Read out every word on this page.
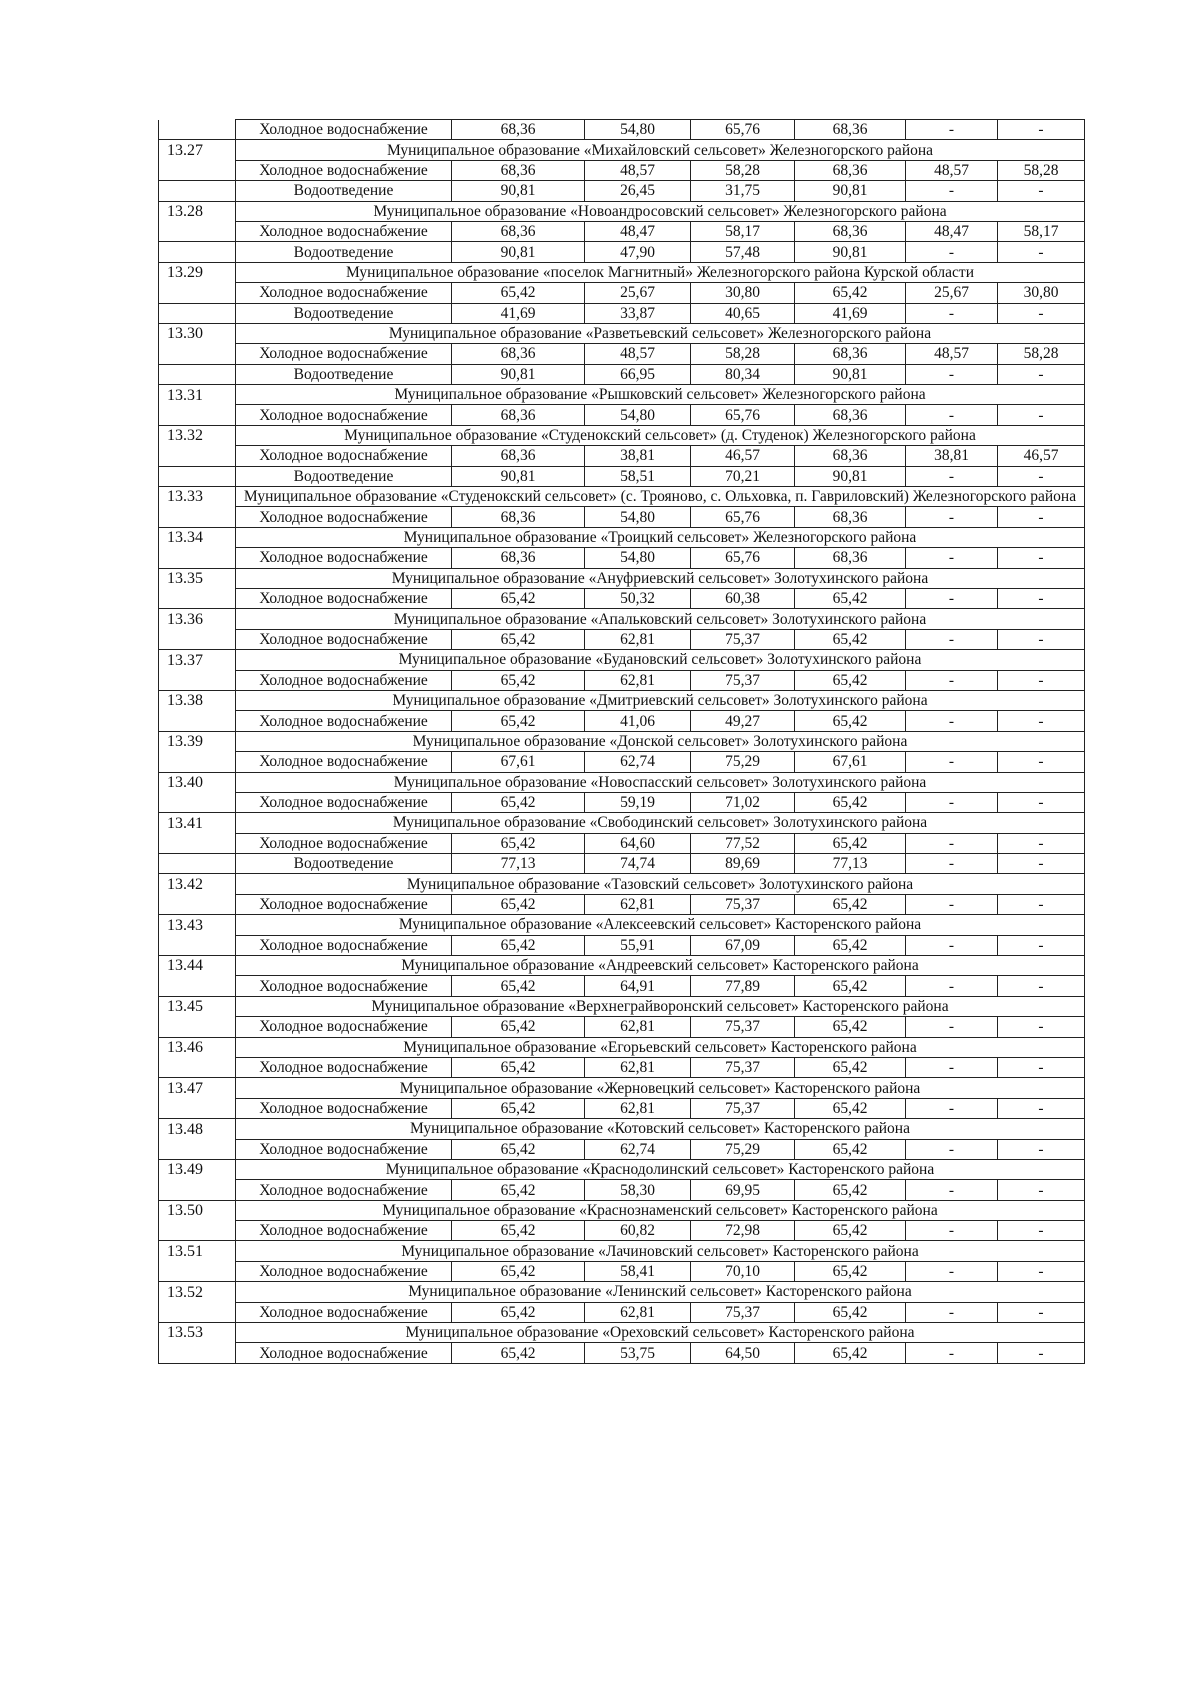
	Холодное водоснабжение	68,36	54,80	65,76	68,36	-	-
13.27	Муниципальное образование «Михайловский сельсовет» Железногорского района						
	Холодное водоснабжение	68,36	48,57	58,28	68,36	48,57	58,28
	Водоотведение	90,81	26,45	31,75	90,81	-	-
13.28	Муниципальное образование «Новоандросовский сельсовет» Железногорского района						
	Холодное водоснабжение	68,36	48,47	58,17	68,36	48,47	58,17
	Водоотведение	90,81	47,90	57,48	90,81	-	-
13.29	Муниципальное образование «поселок Магнитный» Железногорского района Курской области						
	Холодное водоснабжение	65,42	25,67	30,80	65,42	25,67	30,80
	Водоотведение	41,69	33,87	40,65	41,69	-	-
13.30	Муниципальное образование «Разветьевский сельсовет» Железногорского района						
	Холодное водоснабжение	68,36	48,57	58,28	68,36	48,57	58,28
	Водоотведение	90,81	66,95	80,34	90,81	-	-
13.31	Муниципальное образование «Рышковский сельсовет» Железногорского района						
	Холодное водоснабжение	68,36	54,80	65,76	68,36	-	-
13.32	Муниципальное образование «Студенокский сельсовет» (д. Студенок) Железногорского района						
	Холодное водоснабжение	68,36	38,81	46,57	68,36	38,81	46,57
	Водоотведение	90,81	58,51	70,21	90,81	-	-
13.33	Муниципальное образование «Студенокский сельсовет» (с. Трояново, с. Ольховка, п. Гавриловский) Железногорского района						
	Холодное водоснабжение	68,36	54,80	65,76	68,36	-	-
13.34	Муниципальное образование «Троицкий сельсовет» Железногорского района						
	Холодное водоснабжение	68,36	54,80	65,76	68,36	-	-
13.35	Муниципальное образование «Ануфриевский сельсовет» Золотухинского района						
	Холодное водоснабжение	65,42	50,32	60,38	65,42	-	-
13.36	Муниципальное образование «Апальковский сельсовет» Золотухинского района						
	Холодное водоснабжение	65,42	62,81	75,37	65,42	-	-
13.37	Муниципальное образование «Будановский сельсовет» Золотухинского района						
	Холодное водоснабжение	65,42	62,81	75,37	65,42	-	-
13.38	Муниципальное образование «Дмитриевский сельсовет» Золотухинского района						
	Холодное водоснабжение	65,42	41,06	49,27	65,42	-	-
13.39	Муниципальное образование «Донской сельсовет» Золотухинского района						
	Холодное водоснабжение	67,61	62,74	75,29	67,61	-	-
13.40	Муниципальное образование «Новоспасский сельсовет» Золотухинского района						
	Холодное водоснабжение	65,42	59,19	71,02	65,42	-	-
13.41	Муниципальное образование «Свободинский сельсовет» Золотухинского района						
	Холодное водоснабжение	65,42	64,60	77,52	65,42	-	-
	Водоотведение	77,13	74,74	89,69	77,13	-	-
13.42	Муниципальное образование «Тазовский сельсовет» Золотухинского района						
	Холодное водоснабжение	65,42	62,81	75,37	65,42	-	-
13.43	Муниципальное образование «Алексеевский сельсовет» Касторенского района						
	Холодное водоснабжение	65,42	55,91	67,09	65,42	-	-
13.44	Муниципальное образование «Андреевский сельсовет» Касторенского района						
	Холодное водоснабжение	65,42	64,91	77,89	65,42	-	-
13.45	Муниципальное образование «Верхнеграйворонский сельсовет» Касторенского района						
	Холодное водоснабжение	65,42	62,81	75,37	65,42	-	-
13.46	Муниципальное образование «Егорьевский сельсовет» Касторенского района						
	Холодное водоснабжение	65,42	62,81	75,37	65,42	-	-
13.47	Муниципальное образование «Жерновецкий сельсовет» Касторенского района						
	Холодное водоснабжение	65,42	62,81	75,37	65,42	-	-
13.48	Муниципальное образование «Котовский сельсовет» Касторенского района						
	Холодное водоснабжение	65,42	62,74	75,29	65,42	-	-
13.49	Муниципальное образование «Краснодолинский сельсовет» Касторенского района						
	Холодное водоснабжение	65,42	58,30	69,95	65,42	-	-
13.50	Муниципальное образование «Краснознаменский сельсовет» Касторенского района						
	Холодное водоснабжение	65,42	60,82	72,98	65,42	-	-
13.51	Муниципальное образование «Лачиновский сельсовет» Касторенского района						
	Холодное водоснабжение	65,42	58,41	70,10	65,42	-	-
13.52	Муниципальное образование «Ленинский сельсовет» Касторенского района						
	Холодное водоснабжение	65,42	62,81	75,37	65,42	-	-
13.53	Муниципальное образование «Ореховский сельсовет» Касторенского района						
	Холодное водоснабжение	65,42	53,75	64,50	65,42	-	-
